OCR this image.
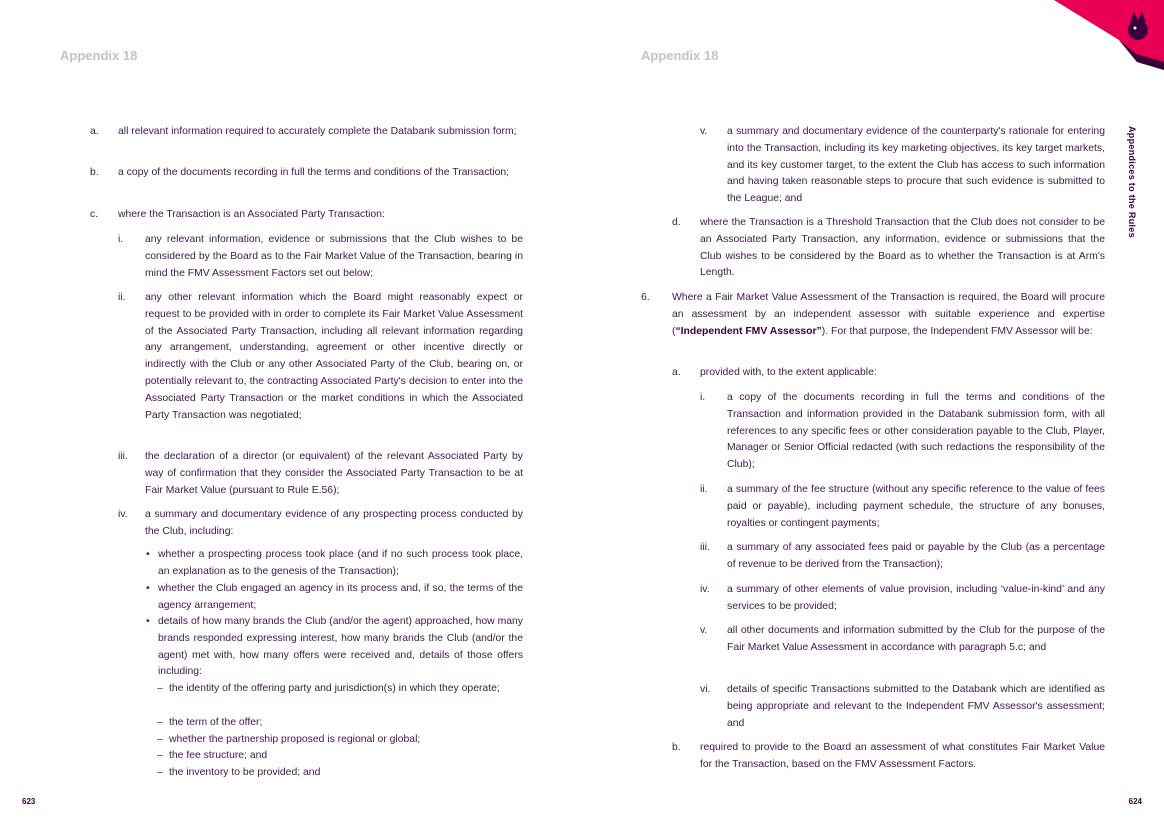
Appendix 18
a. all relevant information required to accurately complete the Databank submission form;
b. a copy of the documents recording in full the terms and conditions of the Transaction;
c. where the Transaction is an Associated Party Transaction:
i. any relevant information, evidence or submissions that the Club wishes to be considered by the Board as to the Fair Market Value of the Transaction, bearing in mind the FMV Assessment Factors set out below;
ii. any other relevant information which the Board might reasonably expect or request to be provided with in order to complete its Fair Market Value Assessment of the Associated Party Transaction, including all relevant information regarding any arrangement, understanding, agreement or other incentive directly or indirectly with the Club or any other Associated Party of the Club, bearing on, or potentially relevant to, the contracting Associated Party's decision to enter into the Associated Party Transaction or the market conditions in which the Associated Party Transaction was negotiated;
iii. the declaration of a director (or equivalent) of the relevant Associated Party by way of confirmation that they consider the Associated Party Transaction to be at Fair Market Value (pursuant to Rule E.56);
iv. a summary and documentary evidence of any prospecting process conducted by the Club, including:
• whether a prospecting process took place (and if no such process took place, an explanation as to the genesis of the Transaction);
• whether the Club engaged an agency in its process and, if so, the terms of the agency arrangement;
• details of how many brands the Club (and/or the agent) approached, how many brands responded expressing interest, how many brands the Club (and/or the agent) met with, how many offers were received and, details of those offers including:
– the identity of the offering party and jurisdiction(s) in which they operate;
– the term of the offer;
– whether the partnership proposed is regional or global;
– the fee structure; and
– the inventory to be provided; and
623
Appendix 18
v. a summary and documentary evidence of the counterparty's rationale for entering into the Transaction, including its key marketing objectives, its key target markets, and its key customer target, to the extent the Club has access to such information and having taken reasonable steps to procure that such evidence is submitted to the League; and
d. where the Transaction is a Threshold Transaction that the Club does not consider to be an Associated Party Transaction, any information, evidence or submissions that the Club wishes to be considered by the Board as to whether the Transaction is at Arm's Length.
6. Where a Fair Market Value Assessment of the Transaction is required, the Board will procure an assessment by an independent assessor with suitable experience and expertise (“Independent FMV Assessor”). For that purpose, the Independent FMV Assessor will be:
a. provided with, to the extent applicable:
i. a copy of the documents recording in full the terms and conditions of the Transaction and information provided in the Databank submission form, with all references to any specific fees or other consideration payable to the Club, Player, Manager or Senior Official redacted (with such redactions the responsibility of the Club);
ii. a summary of the fee structure (without any specific reference to the value of fees paid or payable), including payment schedule, the structure of any bonuses, royalties or contingent payments;
iii. a summary of any associated fees paid or payable by the Club (as a percentage of revenue to be derived from the Transaction);
iv. a summary of other elements of value provision, including ‘value-in-kind’ and any services to be provided;
v. all other documents and information submitted by the Club for the purpose of the Fair Market Value Assessment in accordance with paragraph 5.c; and
vi. details of specific Transactions submitted to the Databank which are identified as being appropriate and relevant to the Independent FMV Assessor's assessment; and
b. required to provide to the Board an assessment of what constitutes Fair Market Value for the Transaction, based on the FMV Assessment Factors.
624
Appendices to the Rules
